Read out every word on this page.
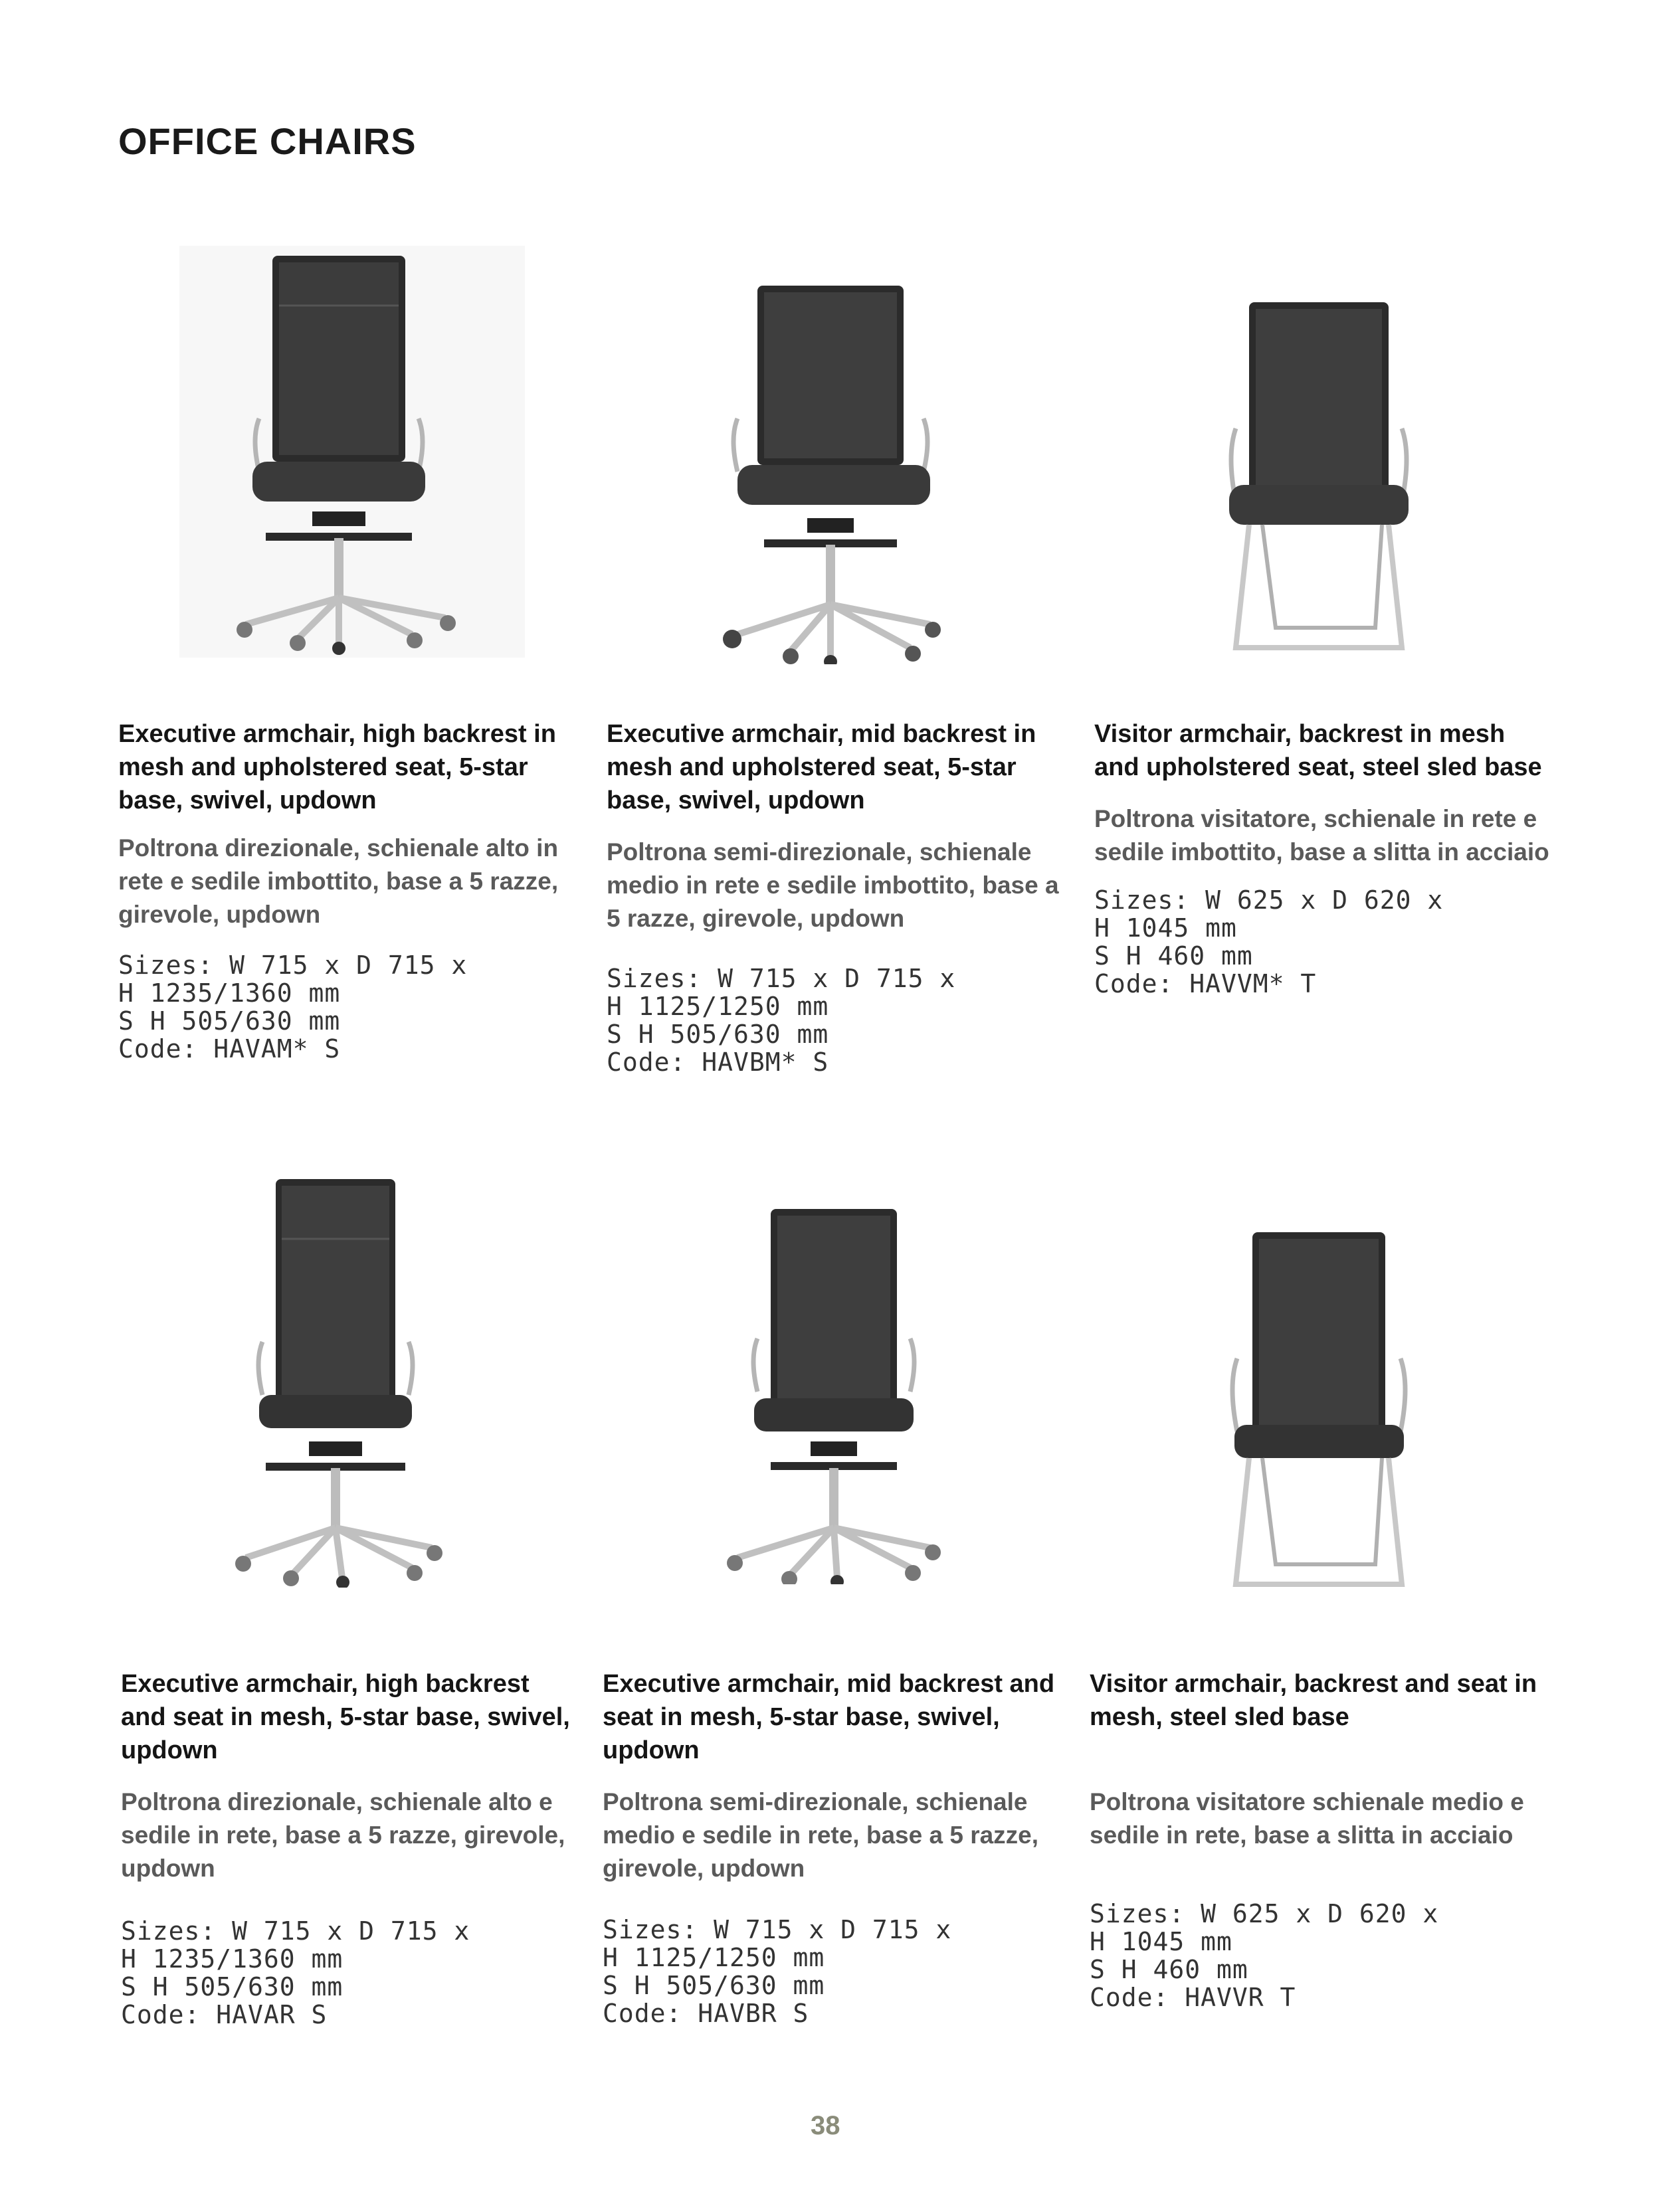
OFFICE CHAIRS
Executive armchair, high backrest in mesh and upholstered seat, 5-star base, swivel, updown
Poltrona direzionale, schienale alto in rete e sedile imbottito, base a 5 razze, girevole, updown
Sizes: W 715 x D 715 x
H 1235/1360 mm
S H 505/630 mm
Code: HAVAM* S
Executive armchair, mid backrest in mesh and upholstered seat, 5-star base, swivel, updown
Poltrona semi-direzionale, schienale medio in rete e sedile imbottito, base a 5 razze, girevole, updown
Sizes: W 715 x D 715 x
H 1125/1250 mm
S H 505/630 mm
Code: HAVBM* S
Visitor armchair, backrest in mesh and upholstered seat, steel sled base
Poltrona visitatore, schienale in rete e sedile imbottito, base a slitta in acciaio
Sizes: W 625 x D 620 x
H 1045 mm
S H 460 mm
Code: HAVVM* T
Executive armchair, high backrest and seat in mesh, 5-star base, swivel, updown
Poltrona direzionale, schienale alto e sedile in rete, base a 5 razze, girevole, updown
Sizes: W 715 x D 715 x
H 1235/1360 mm
S H 505/630 mm
Code: HAVAR S
Executive armchair, mid backrest and seat in mesh, 5-star base, swivel, updown
Poltrona semi-direzionale, schienale medio e sedile in rete, base a 5 razze, girevole, updown
Sizes: W 715 x D 715 x
H 1125/1250 mm
S H 505/630 mm
Code: HAVBR S
Visitor armchair, backrest and seat in mesh, steel sled base
Poltrona visitatore schienale medio e sedile in rete, base a slitta in acciaio
Sizes: W 625 x D 620 x
H 1045 mm
S H 460 mm
Code: HAVVR T
38
